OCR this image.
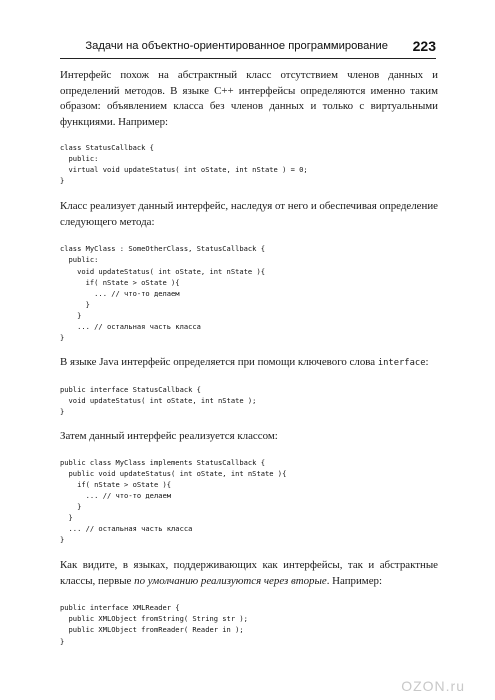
Задачи на объектно-ориентированное программирование 223

Интерфейс похож на абстрактный класс отсутствием членов данных и определений методов. В языке C++ интерфейсы определяются именно таким образом: объявлением класса без членов данных и только с виртуальными функциями. Например:

class StatusCallback {
public:
virtual void updateStatus( int oState, int nState ) = 0;
}

Класс реализует данный интерфейс, наследуя от него и обеспечивая определение следующего метода:

class MyClass : SomeOtherClass, StatusCallback {
public:
void updateStatus( int oState, int nState ){
if( nState > oState ){
... // что-то делаем
}
}
... // остальная часть класса
}

В языке Java интерфейс определяется при помощи ключевого слова interface:

public interface StatusCallback {
void updateStatus( int oState, int nState );
}

Затем данный интерфейс реализуется классом:

public class MyClass implements StatusCallback {
public void updateStatus( int oState, int nState ){
if( nState > oState ){
... // что-то делаем
}
}
... // остальная часть класса
}

Как видите, в языках, поддерживающих как интерфейсы, так и абстрактные классы, первые по умолчанию реализуются через вторые. Например:

public interface XMLReader {
public XMLObject fromString( String str );
public XMLObject fromReader( Reader in );
}
OZON.ru
